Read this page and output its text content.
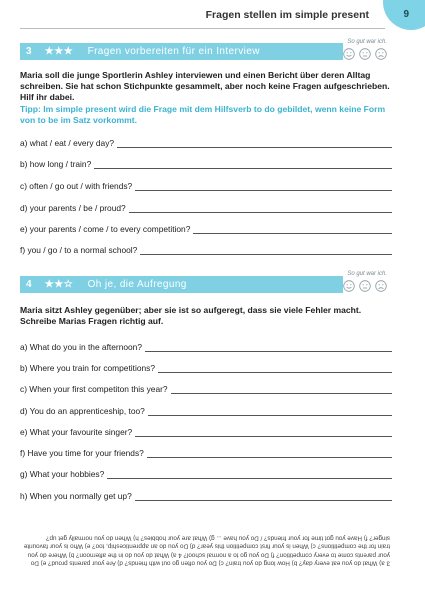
Fragen stellen im simple present	9
3 ★★★ Fragen vorbereiten für ein Interview
So gut war ich.
Maria soll die junge Sportlerin Ashley interviewen und einen Bericht über deren Alltag schreiben. Sie hat schon Stichpunkte gesammelt, aber noch keine Fragen aufgeschrieben. Hilf ihr dabei.
Tipp: Im simple present wird die Frage mit dem Hilfsverb to do gebildet, wenn keine Form von to be im Satz vorkommt.
a) what / eat / every day?
b) how long / train?
c) often / go out / with friends?
d) your parents / be / proud?
e) your parents / come / to every competition?
f) you / go / to a normal school?
4 ★★☆ Oh je, die Aufregung
So gut war ich.
Maria sitzt Ashley gegenüber; aber sie ist so aufgeregt, dass sie viele Fehler macht. Schreibe Marias Fragen richtig auf.
a) What do you in the afternoon?
b) Where you train for competitions?
c) When your first competiton this year?
d) You do an apprenticeship, too?
e) What your favourite singer?
f) Have you time for your friends?
g) What your hobbies?
h) When you normally get up?
3 a) What do you eat every day? b) How long do you train? c) Do you often go out with friends? d) Are your parents proud? e) Do your parents come to every competition? f) Do you go to a normal school? 4 a) What do you do in the afternoon? b) Where do you train for the competitions? c) When is your first competition this year? d) Do you do an apprenticeship, too? e) Who is your favourite singer? f) Have you got time for your friends? / Do you have ... g) What are your hobbies? h) When do you normally get up?
